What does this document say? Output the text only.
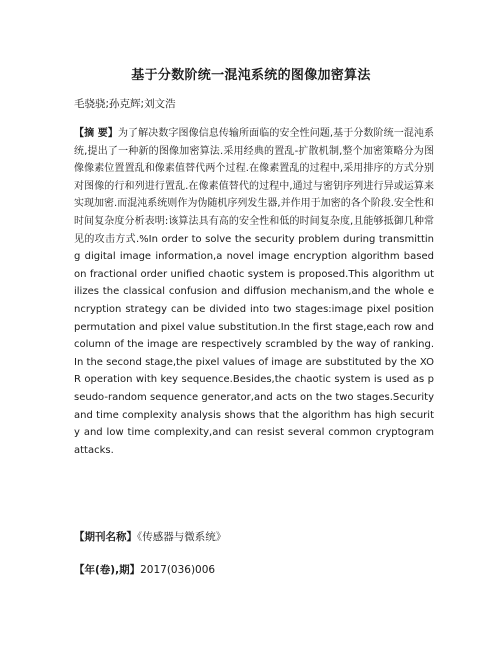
基于分数阶统一混沌系统的图像加密算法
毛骁骁;孙克辉;刘文浩
【摘 要】为了解决数字图像信息传输所面临的安全性问题,基于分数阶统一混沌系统,提出了一种新的图像加密算法.采用经典的置乱-扩散机制,整个加密策略分为图像像素位置置乱和像素值替代两个过程.在像素置乱的过程中,采用排序的方式分别对图像的行和列进行置乱.在像素值替代的过程中,通过与密钥序列进行异或运算来实现加密.而混沌系统则作为伪随机序列发生器,并作用于加密的各个阶段.安全性和时间复杂度分析表明:该算法具有高的安全性和低的时间复杂度,且能够抵御几种常见的攻击方式.%In order to solve the security problem during transmitting digital image information,a novel image encryption algorithm based on fractional order unified chaotic system is proposed.This algorithm utilizes the classical confusion and diffusion mechanism,and the whole encryption strategy can be divided into two stages:image pixel position permutation and pixel value substitution.In the first stage,each row and column of the image are respectively scrambled by the way of ranking.In the second stage,the pixel values of image are substituted by the XOR operation with key sequence.Besides,the chaotic system is used as pseudo-random sequence generator,and acts on the two stages.Security and time complexity analysis shows that the algorithm has high security and low time complexity,and can resist several common cryptogram attacks.
【期刊名称】《传感器与微系统》
【年(卷),期】2017(036)006
